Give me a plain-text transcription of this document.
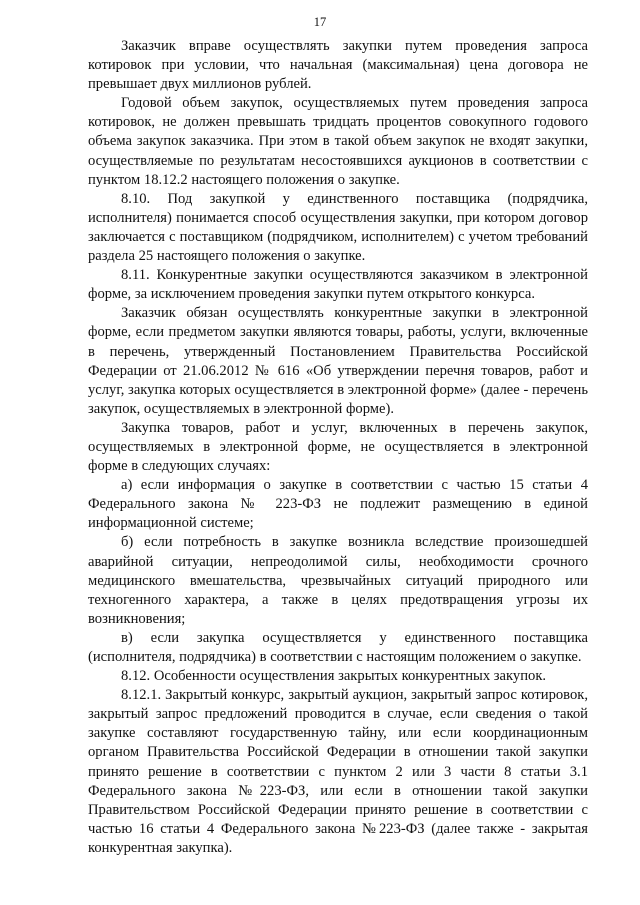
17

Заказчик вправе осуществлять закупки путем проведения запроса котировок при условии, что начальная (максимальная) цена договора не превышает двух миллионов рублей.

Годовой объем закупок, осуществляемых путем проведения запроса котировок, не должен превышать тридцать процентов совокупного годового объема закупок заказчика. При этом в такой объем закупок не входят закупки, осуществляемые по результатам несостоявшихся аукционов в соответствии с пунктом 18.12.2 настоящего положения о закупке.

8.10. Под закупкой у единственного поставщика (подрядчика, исполнителя) понимается способ осуществления закупки, при котором договор заключается с поставщиком (подрядчиком, исполнителем) с учетом требований раздела 25 настоящего положения о закупке.

8.11. Конкурентные закупки осуществляются заказчиком в электронной форме, за исключением проведения закупки путем открытого конкурса.

Заказчик обязан осуществлять конкурентные закупки в электронной форме, если предметом закупки являются товары, работы, услуги, включенные в перечень, утвержденный Постановлением Правительства Российской Федерации от 21.06.2012 № 616 «Об утверждении перечня товаров, работ и услуг, закупка которых осуществляется в электронной форме» (далее - перечень закупок, осуществляемых в электронной форме).

Закупка товаров, работ и услуг, включенных в перечень закупок, осуществляемых в электронной форме, не осуществляется в электронной форме в следующих случаях:

а) если информация о закупке в соответствии с частью 15 статьи 4 Федерального закона № 223-ФЗ не подлежит размещению в единой информационной системе;

б) если потребность в закупке возникла вследствие произошедшей аварийной ситуации, непреодолимой силы, необходимости срочного медицинского вмешательства, чрезвычайных ситуаций природного или техногенного характера, а также в целях предотвращения угрозы их возникновения;

в) если закупка осуществляется у единственного поставщика (исполнителя, подрядчика) в соответствии с настоящим положением о закупке.

8.12. Особенности осуществления закрытых конкурентных закупок.

8.12.1. Закрытый конкурс, закрытый аукцион, закрытый запрос котировок, закрытый запрос предложений проводится в случае, если сведения о такой закупке составляют государственную тайну, или если координационным органом Правительства Российской Федерации в отношении такой закупки принято решение в соответствии с пунктом 2 или 3 части 8 статьи 3.1 Федерального закона №223-ФЗ, или если в отношении такой закупки Правительством Российской Федерации принято решение в соответствии с частью 16 статьи 4 Федерального закона №223-ФЗ (далее также - закрытая конкурентная закупка).
